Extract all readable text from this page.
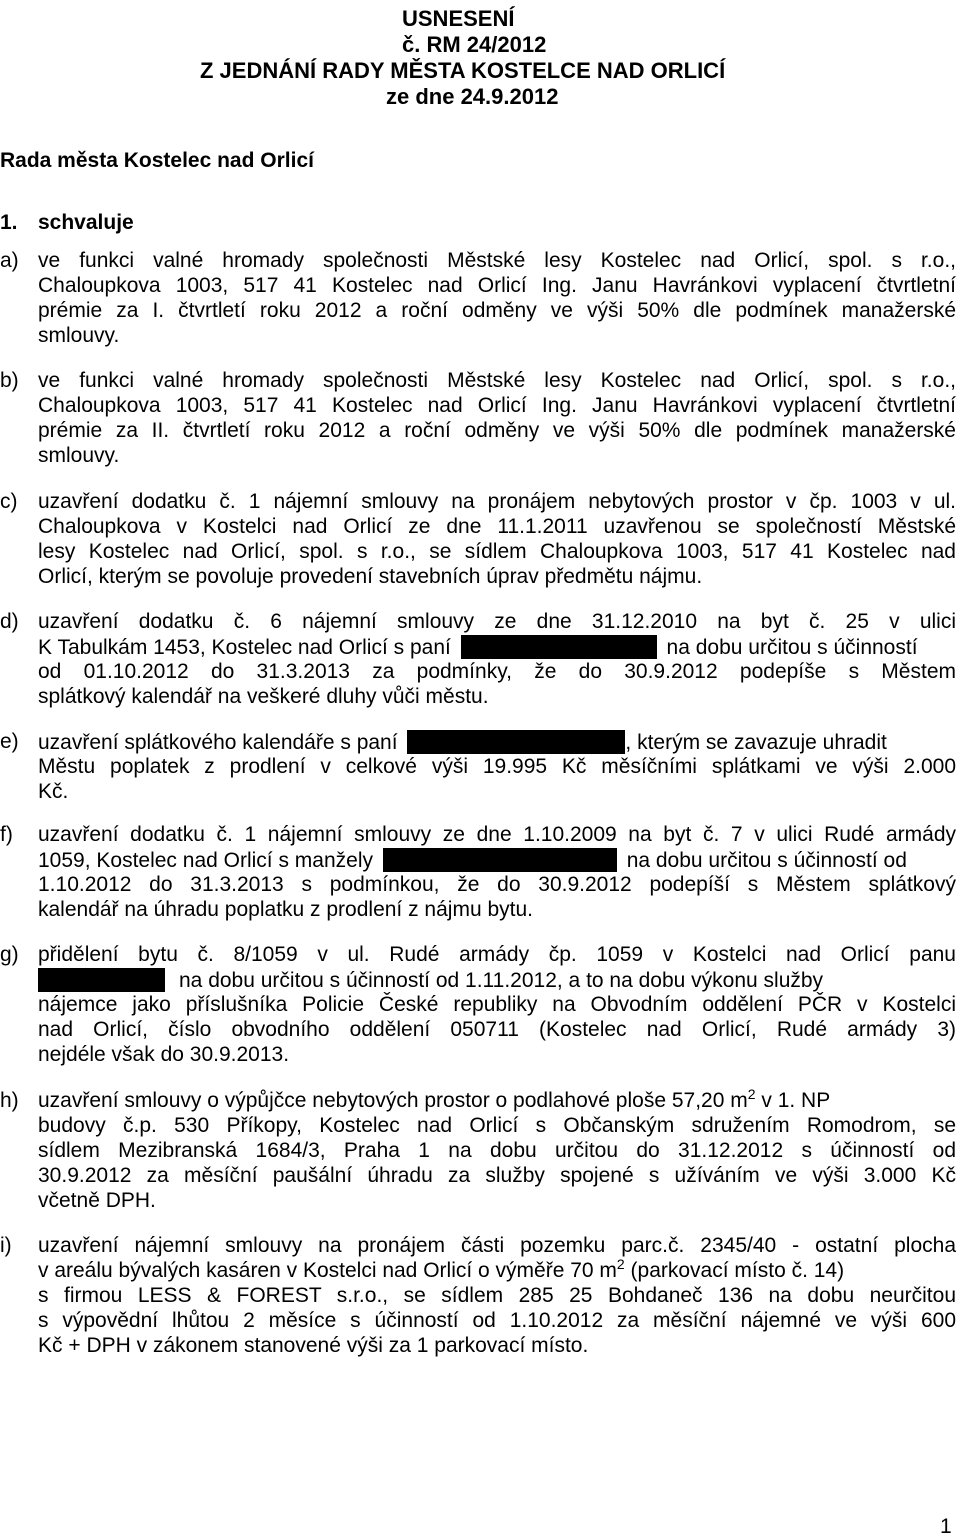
USNESENÍ
č. RM 24/2012
Z JEDNÁNÍ RADY MĚSTA KOSTELCE NAD ORLICÍ
ze dne 24.9.2012
Rada města Kostelec nad Orlicí
1. schvaluje
a) ve funkci valné hromady společnosti Městské lesy Kostelec nad Orlicí, spol. s r.o.,
Chaloupkova 1003, 517 41 Kostelec nad Orlicí Ing. Janu Havránkovi vyplacení čtvrtletní
prémie za I. čtvrtletí roku 2012 a roční odměny ve výši 50% dle podmínek manažerské
smlouvy.
b) ve funkci valné hromady společnosti Městské lesy Kostelec nad Orlicí, spol. s r.o.,
Chaloupkova 1003, 517 41 Kostelec nad Orlicí Ing. Janu Havránkovi vyplacení čtvrtletní
prémie za II. čtvrtletí roku 2012 a roční odměny ve výši 50% dle podmínek manažerské
smlouvy.
c) uzavření dodatku č. 1 nájemní smlouvy na pronájem nebytových prostor v čp. 1003 v ul.
Chaloupkova v Kostelci nad Orlicí ze dne 11.1.2011 uzavřenou se společností Městské
lesy Kostelec nad Orlicí, spol. s r.o., se sídlem Chaloupkova 1003, 517 41 Kostelec nad
Orlicí, kterým se povoluje provedení stavebních úprav předmětu nájmu.
d) uzavření dodatku č. 6 nájemní smlouvy ze dne 31.12.2010 na byt č. 25 v ulici
K Tabulkám 1453, Kostelec nad Orlicí s paní	na dobu určitou s účinností
od 01.10.2012 do 31.3.2013 za podmínky, že do 30.9.2012 podepíše s Městem
splátkový kalendář na veškeré dluhy vůči městu.
e) uzavření splátkového kalendáře s paní	, kterým se zavazuje uhradit
Městu poplatek z prodlení v celkové výši 19.995 Kč měsíčními splátkami ve výši 2.000
Kč.
f) uzavření dodatku č. 1 nájemní smlouvy ze dne 1.10.2009 na byt č. 7 v ulici Rudé armády
1059, Kostelec nad Orlicí s manžely	na dobu určitou s účinností od
1.10.2012 do 31.3.2013 s podmínkou, že do 30.9.2012 podepíší s Městem splátkový
kalendář na úhradu poplatku z prodlení z nájmu bytu.
g) přidělení bytu č. 8/1059 v ul. Rudé armády čp. 1059 v Kostelci nad Orlicí panu
na dobu určitou s účinností od 1.11.2012, a to na dobu výkonu služby
nájemce jako příslušníka Policie České republiky na Obvodním oddělení PČR v Kostelci
nad Orlicí, číslo obvodního oddělení 050711 (Kostelec nad Orlicí, Rudé armády 3)
nejdéle však do 30.9.2013.
h) uzavření smlouvy o výpůjčce nebytových prostor o podlahové ploše 57,20 $m^2$ v 1. NP
budovy č.p. 530 Příkopy, Kostelec nad Orlicí s Občanským sdružením Romodrom, se
sídlem Mezibranská 1684/3, Praha 1 na dobu určitou do 31.12.2012 s účinností od
30.9.2012 za měsíční paušální úhradu za služby spojené s užíváním ve výši 3.000 Kč
včetně DPH.
i) uzavření nájemní smlouvy na pronájem části pozemku parc.č. 2345/40 - ostatní plocha
v areálu bývalých kasáren v Kostelci nad Orlicí o výměře 70 $m^2$ (parkovací místo č. 14)
s firmou LESS & FOREST s.r.o., se sídlem 285 25 Bohdaneč 136 na dobu neurčitou
s výpovědní lhůtou 2 měsíce s účinností od 1.10.2012 za měsíční nájemné ve výši 600
Kč + DPH v zákonem stanovené výši za 1 parkovací místo.
1
